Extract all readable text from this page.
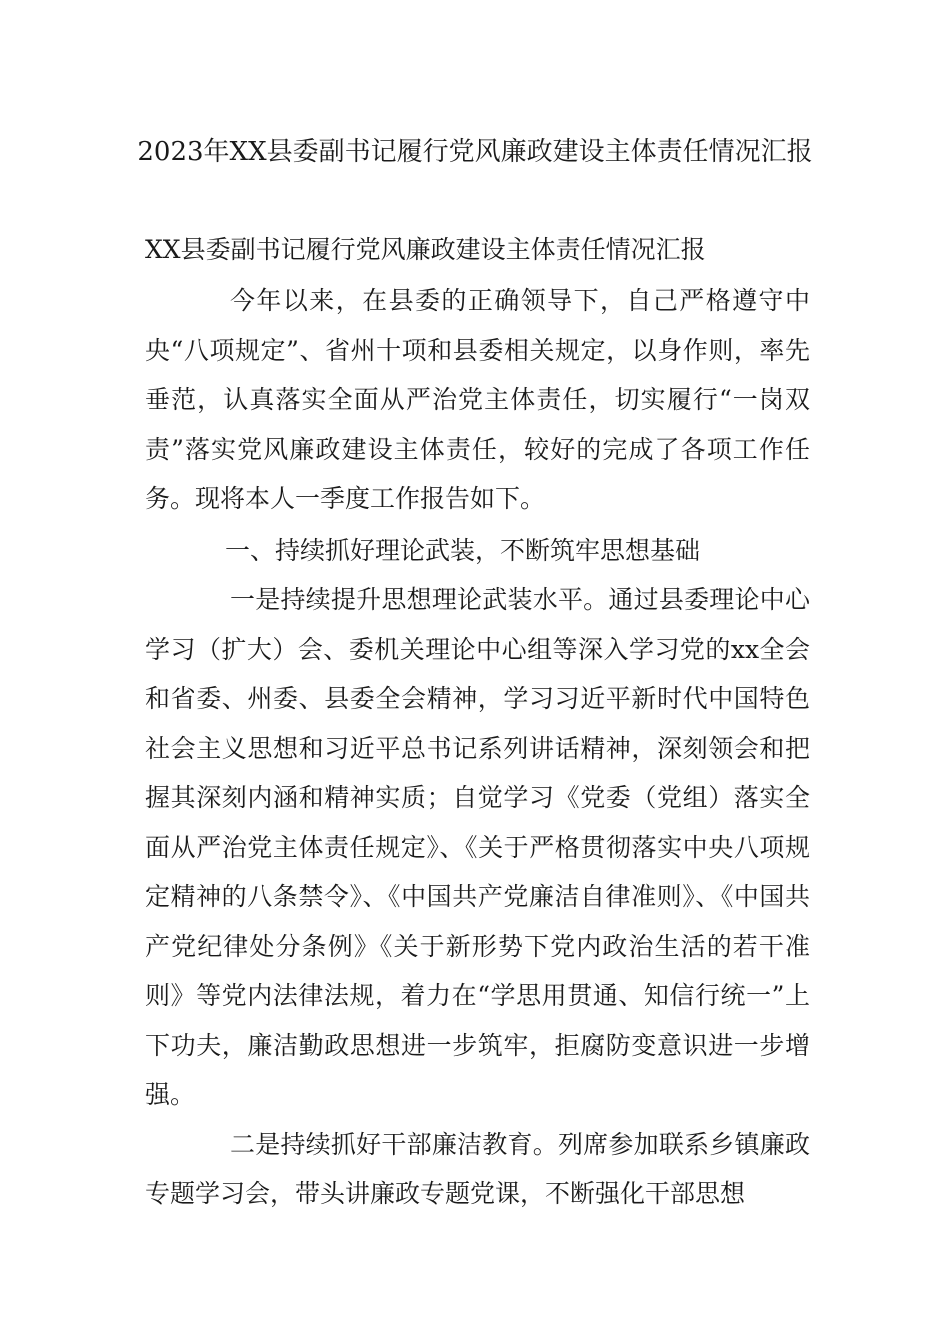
2023年XX县委副书记履行党风廉政建设主体责任情况汇报
XX县委副书记履行党风廉政建设主体责任情况汇报

今年以来，在县委的正确领导下，自己严格遵守中央“八项规定”、省州十项和县委相关规定，以身作则，率先垂范，认真落实全面从严治党主体责任，切实履行“一岗双责”落实党风廉政建设主体责任，较好的完成了各项工作任务。现将本人一季度工作报告如下。

一、持续抓好理论武装，不断筑牢思想基础

一是持续提升思想理论武装水平。通过县委理论中心学习（扩大）会、委机关理论中心组等深入学习党的xx全会和省委、州委、县委全会精神，学习习近平新时代中国特色社会主义思想和习近平总书记系列讲话精神，深刻领会和把握其深刻内涵和精神实质；自觉学习《党委（党组）落实全面从严治党主体责任规定》、《关于严格贯彻落实中央八项规定精神的八条禁令》、《中国共产党廉洁自律准则》、《中国共产党纪律处分条例》《关于新形势下党内政治生活的若干准则》等党内法律法规，着力在“学思用贯通、知信行统一”上下功夫，廉洁勤政思想进一步筑牢，拒腐防变意识进一步增强。

二是持续抓好干部廉洁教育。列席参加联系乡镇廉政专题学习会，带头讲廉政专题党课，不断强化干部思想
